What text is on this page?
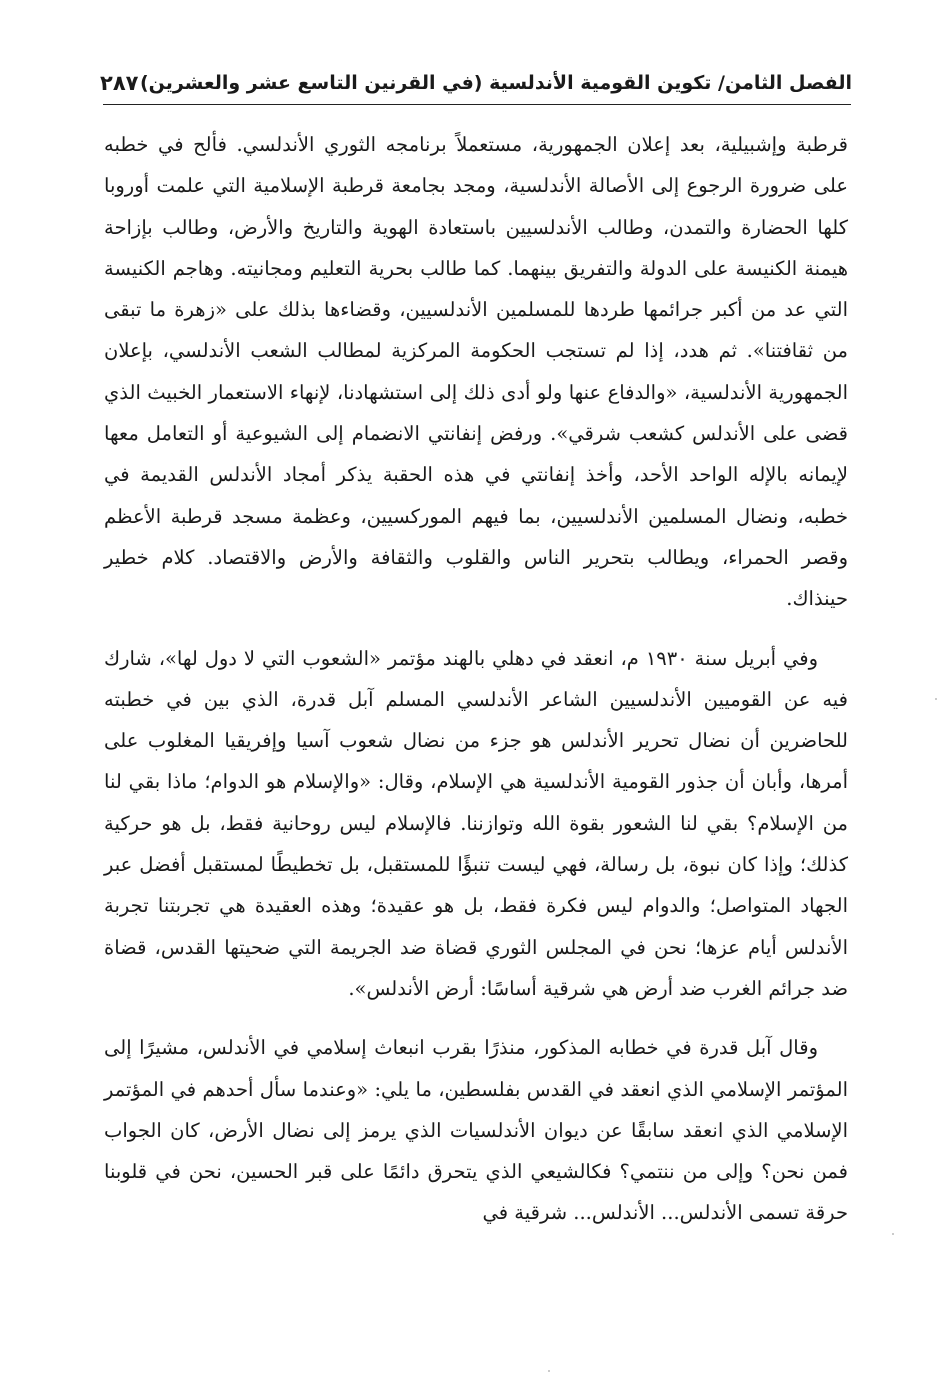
الفصل الثامن/ تكوين القومية الأندلسية (في القرنين التاسع عشر والعشرين)
٢٨٧

قرطبة وإشبيلية، بعد إعلان الجمهورية، مستعملاً برنامجه الثوري الأندلسي. فألح في خطبه على ضرورة الرجوع إلى الأصالة الأندلسية، ومجد بجامعة قرطبة الإسلامية التي علمت أوروبا كلها الحضارة والتمدن، وطالب الأندلسيين باستعادة الهوية والتاريخ والأرض، وطالب بإزاحة هيمنة الكنيسة على الدولة والتفريق بينهما. كما طالب بحرية التعليم ومجانيته. وهاجم الكنيسة التي عد من أكبر جرائمها طردها للمسلمين الأندلسيين، وقضاءها بذلك على «زهرة ما تبقى من ثقافتنا». ثم هدد، إذا لم تستجب الحكومة المركزية لمطالب الشعب الأندلسي، بإعلان الجمهورية الأندلسية، «والدفاع عنها ولو أدى ذلك إلى استشهادنا، لإنهاء الاستعمار الخبيث الذي قضى على الأندلس كشعب شرقي». ورفض إنفانتي الانضمام إلى الشيوعية أو التعامل معها لإيمانه بالإله الواحد الأحد، وأخذ إنفانتي في هذه الحقبة يذكر أمجاد الأندلس القديمة في خطبه، ونضال المسلمين الأندلسيين، بما فيهم الموركسيين، وعظمة مسجد قرطبة الأعظم وقصر الحمراء، ويطالب بتحرير الناس والقلوب والثقافة والأرض والاقتصاد. كلام خطير حينذاك.

وفي أبريل سنة ١٩٣٠ م، انعقد في دهلي بالهند مؤتمر «الشعوب التي لا دول لها»، شارك فيه عن القوميين الأندلسيين الشاعر الأندلسي المسلم آبل قدرة، الذي بين في خطبته للحاضرين أن نضال تحرير الأندلس هو جزء من نضال شعوب آسيا وإفريقيا المغلوب على أمرها، وأبان أن جذور القومية الأندلسية هي الإسلام، وقال: «والإسلام هو الدوام؛ ماذا بقي لنا من الإسلام؟ بقي لنا الشعور بقوة الله وتوازننا. فالإسلام ليس روحانية فقط، بل هو حركية كذلك؛ وإذا كان نبوة، بل رسالة، فهي ليست تنبؤًا للمستقبل، بل تخطيطًا لمستقبل أفضل عبر الجهاد المتواصل؛ والدوام ليس فكرة فقط، بل هو عقيدة؛ وهذه العقيدة هي تجربتنا تجربة الأندلس أيام عزها؛ نحن في المجلس الثوري قضاة ضد الجريمة التي ضحيتها القدس، قضاة ضد جرائم الغرب ضد أرض هي شرقية أساسًا: أرض الأندلس».

وقال آبل قدرة في خطابه المذكور، منذرًا بقرب انبعاث إسلامي في الأندلس، مشيرًا إلى المؤتمر الإسلامي الذي انعقد في القدس بفلسطين، ما يلي: «وعندما سأل أحدهم في المؤتمر الإسلامي الذي انعقد سابقًا عن ديوان الأندلسيات الذي يرمز إلى نضال الأرض، كان الجواب فمن نحن؟ وإلى من ننتمي؟ فكالشيعي الذي يتحرق دائمًا على قبر الحسين، نحن في قلوبنا حرقة تسمى الأندلس... الأندلس... شرقية في
